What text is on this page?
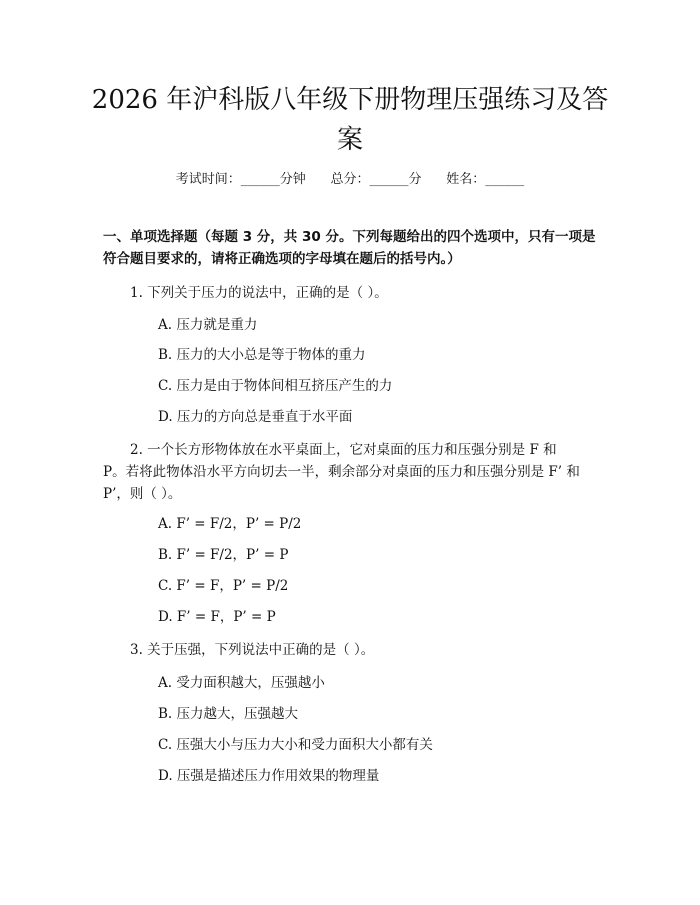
2026 年沪科版八年级下册物理压强练习及答
案
考试时间：______分钟      总分：______分      姓名：______
一、单项选择题（每题 3 分，共 30 分。下列每题给出的四个选项中，只有一项是符合题目要求的，请将正确选项的字母填在题后的括号内。）
1. 下列关于压力的说法中，正确的是（ ）。
A. 压力就是重力
B. 压力的大小总是等于物体的重力
C. 压力是由于物体间相互挤压产生的力
D. 压力的方向总是垂直于水平面
2. 一个长方形物体放在水平桌面上，它对桌面的压力和压强分别是 F 和 P。若将此物体沿水平方向切去一半，剩余部分对桌面的压力和压强分别是 F’ 和 P’，则（ ）。
A. F’ = F/2，P’ = P/2
B. F’ = F/2，P’ = P
C. F’ = F，P’ = P/2
D. F’ = F，P’ = P
3. 关于压强，下列说法中正确的是（ ）。
A. 受力面积越大，压强越小
B. 压力越大，压强越大
C. 压强大小与压力大小和受力面积大小都有关
D. 压强是描述压力作用效果的物理量
